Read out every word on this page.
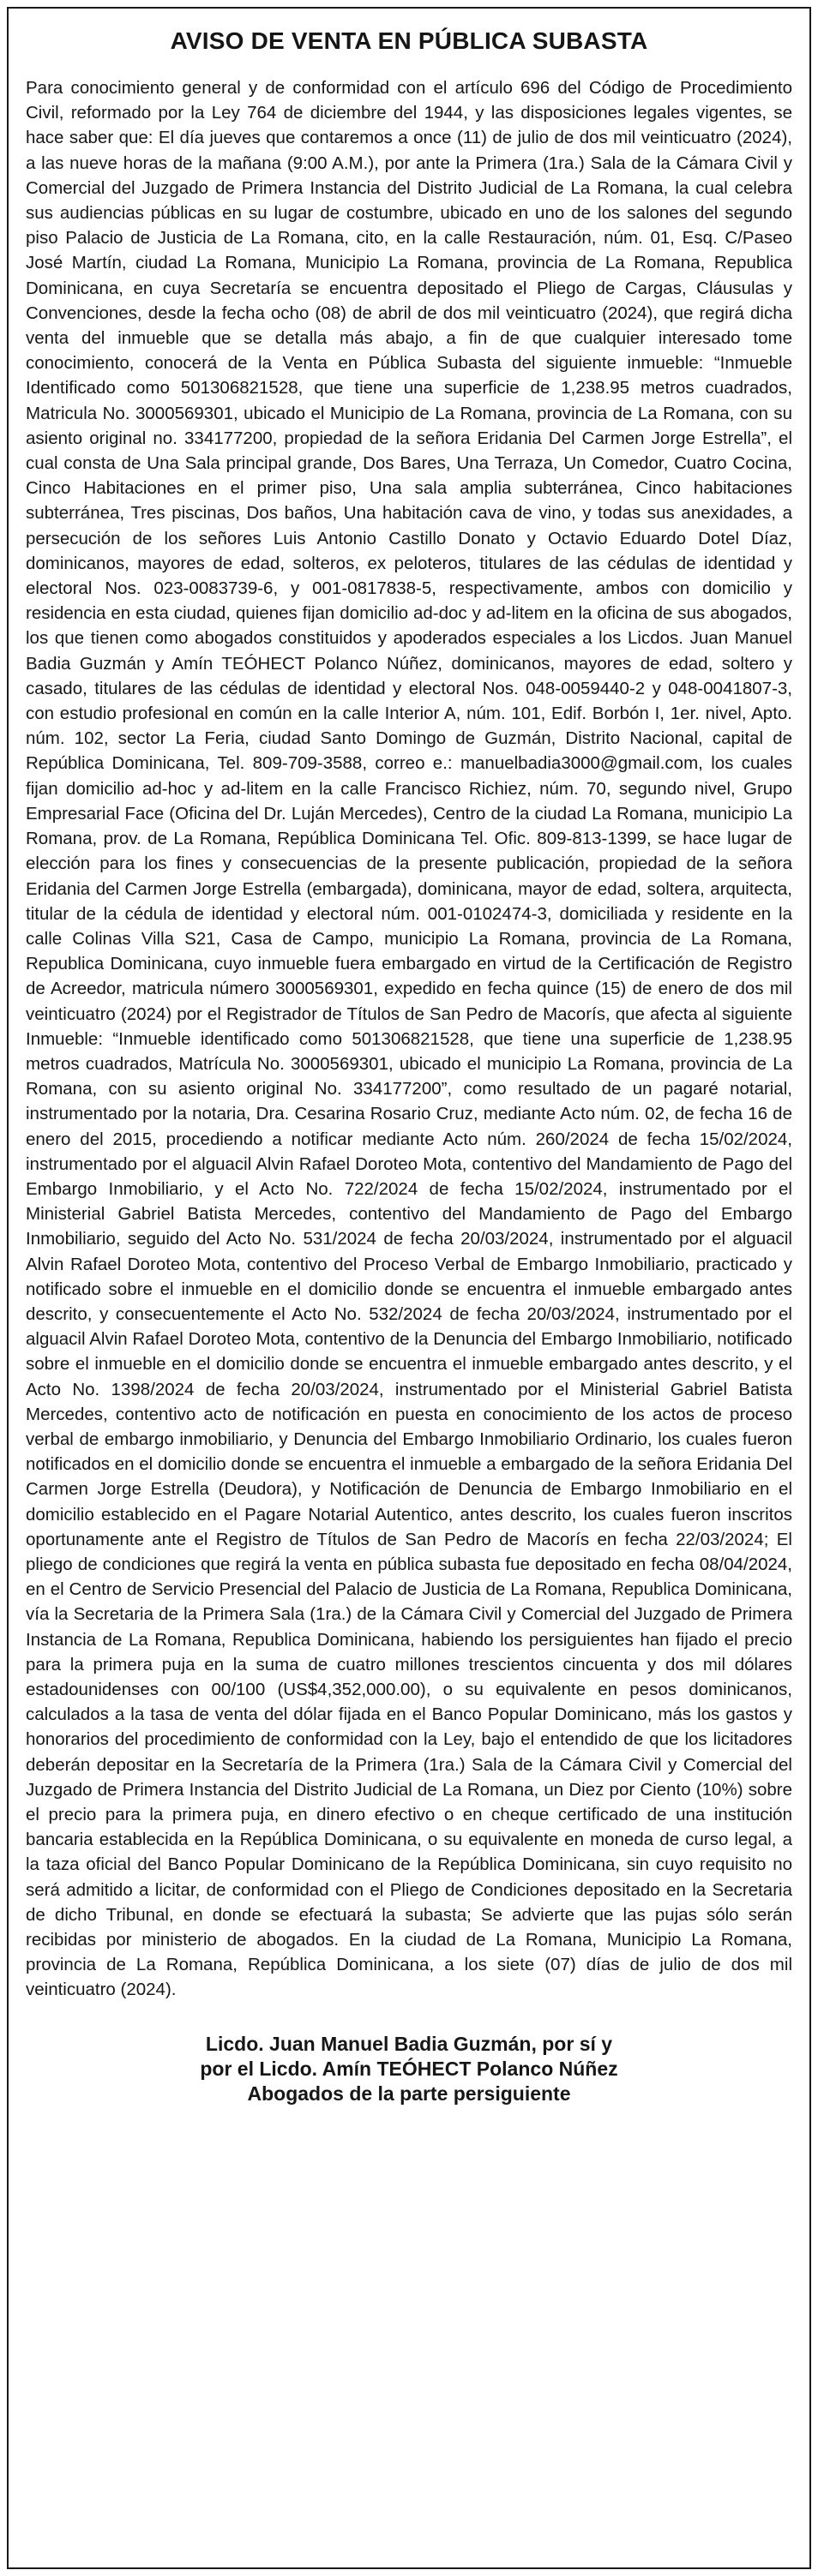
AVISO DE VENTA EN PÚBLICA SUBASTA

Para conocimiento general y de conformidad con el artículo 696 del Código de Procedimiento Civil, reformado por la Ley 764 de diciembre del 1944, y las disposiciones legales vigentes, se hace saber que: El día jueves que contaremos a once (11) de julio de dos mil veinticuatro (2024), a las nueve horas de la mañana (9:00 A.M.), por ante la Primera (1ra.) Sala de la Cámara Civil y Comercial del Juzgado de Primera Instancia del Distrito Judicial de La Romana, la cual celebra sus audiencias públicas en su lugar de costumbre, ubicado en uno de los salones del segundo piso Palacio de Justicia de La Romana, cito, en la calle Restauración, núm. 01, Esq. C/Paseo José Martín, ciudad La Romana, Municipio La Romana, provincia de La Romana, Republica Dominicana, en cuya Secretaría se encuentra depositado el Pliego de Cargas, Cláusulas y Convenciones, desde la fecha ocho (08) de abril de dos mil veinticuatro (2024), que regirá dicha venta del inmueble que se detalla más abajo, a fin de que cualquier interesado tome conocimiento, conocerá de la Venta en Pública Subasta del siguiente inmueble: “Inmueble Identificado como 501306821528, que tiene una superficie de 1,238.95 metros cuadrados, Matricula No. 3000569301, ubicado el Municipio de La Romana, provincia de La Romana, con su asiento original no. 334177200, propiedad de la señora Eridania Del Carmen Jorge Estrella”, el cual consta de Una Sala principal grande, Dos Bares, Una Terraza, Un Comedor, Cuatro Cocina, Cinco Habitaciones en el primer piso, Una sala amplia subterránea, Cinco habitaciones subterránea, Tres piscinas, Dos baños, Una habitación cava de vino, y todas sus anexidades, a persecución de los señores Luis Antonio Castillo Donato y Octavio Eduardo Dotel Díaz, dominicanos, mayores de edad, solteros, ex peloteros, titulares de las cédulas de identidad y electoral Nos. 023-0083739-6, y 001-0817838-5, respectivamente, ambos con domicilio y residencia en esta ciudad, quienes fijan domicilio ad-doc y ad-litem en la oficina de sus abogados, los que tienen como abogados constituidos y apoderados especiales a los Licdos. Juan Manuel Badia Guzmán y Amín TEÓHECT Polanco Núñez, dominicanos, mayores de edad, soltero y casado, titulares de las cédulas de identidad y electoral Nos. 048-0059440-2 y 048-0041807-3, con estudio profesional en común en la calle Interior A, núm. 101, Edif. Borbón I, 1er. nivel, Apto. núm. 102, sector La Feria, ciudad Santo Domingo de Guzmán, Distrito Nacional, capital de República Dominicana, Tel. 809-709-3588, correo e.: manuelbadia3000@gmail.com, los cuales fijan domicilio ad-hoc y ad-litem en la calle Francisco Richiez, núm. 70, segundo nivel, Grupo Empresarial Face (Oficina del Dr. Luján Mercedes), Centro de la ciudad La Romana, municipio La Romana, prov. de La Romana, República Dominicana Tel. Ofic. 809-813-1399, se hace lugar de elección para los fines y consecuencias de la presente publicación, propiedad de la señora Eridania del Carmen Jorge Estrella (embargada), dominicana, mayor de edad, soltera, arquitecta, titular de la cédula de identidad y electoral núm. 001-0102474-3, domiciliada y residente en la calle Colinas Villa S21, Casa de Campo, municipio La Romana, provincia de La Romana, Republica Dominicana, cuyo inmueble fuera embargado en virtud de la Certificación de Registro de Acreedor, matricula número 3000569301, expedido en fecha quince (15) de enero de dos mil veinticuatro (2024) por el Registrador de Títulos de San Pedro de Macorís, que afecta al siguiente Inmueble: “Inmueble identificado como 501306821528, que tiene una superficie de 1,238.95 metros cuadrados, Matrícula No. 3000569301, ubicado el municipio La Romana, provincia de La Romana, con su asiento original No. 334177200”, como resultado de un pagaré notarial, instrumentado por la notaria, Dra. Cesarina Rosario Cruz, mediante Acto núm. 02, de fecha 16 de enero del 2015, procediendo a notificar mediante Acto núm. 260/2024 de fecha 15/02/2024, instrumentado por el alguacil Alvin Rafael Doroteo Mota, contentivo del Mandamiento de Pago del Embargo Inmobiliario, y el Acto No. 722/2024 de fecha 15/02/2024, instrumentado por el Ministerial Gabriel Batista Mercedes, contentivo del Mandamiento de Pago del Embargo Inmobiliario, seguido del Acto No. 531/2024 de fecha 20/03/2024, instrumentado por el alguacil Alvin Rafael Doroteo Mota, contentivo del Proceso Verbal de Embargo Inmobiliario, practicado y notificado sobre el inmueble en el domicilio donde se encuentra el inmueble embargado antes descrito, y consecuentemente el Acto No. 532/2024 de fecha 20/03/2024, instrumentado por el alguacil Alvin Rafael Doroteo Mota, contentivo de la Denuncia del Embargo Inmobiliario, notificado sobre el inmueble en el domicilio donde se encuentra el inmueble embargado antes descrito, y el Acto No. 1398/2024 de fecha 20/03/2024, instrumentado por el Ministerial Gabriel Batista Mercedes, contentivo acto de notificación en puesta en conocimiento de los actos de proceso verbal de embargo inmobiliario, y Denuncia del Embargo Inmobiliario Ordinario, los cuales fueron notificados en el domicilio donde se encuentra el inmueble a embargado de la señora Eridania Del Carmen Jorge Estrella (Deudora), y Notificación de Denuncia de Embargo Inmobiliario en el domicilio establecido en el Pagare Notarial Autentico, antes descrito, los cuales fueron inscritos oportunamente ante el Registro de Títulos de San Pedro de Macorís en fecha 22/03/2024; El pliego de condiciones que regirá la venta en pública subasta fue depositado en fecha 08/04/2024, en el Centro de Servicio Presencial del Palacio de Justicia de La Romana, Republica Dominicana, vía la Secretaria de la Primera Sala (1ra.) de la Cámara Civil y Comercial del Juzgado de Primera Instancia de La Romana, Republica Dominicana, habiendo los persiguientes han fijado el precio para la primera puja en la suma de cuatro millones trescientos cincuenta y dos mil dólares estadounidenses con 00/100 (US$4,352,000.00), o su equivalente en pesos dominicanos, calculados a la tasa de venta del dólar fijada en el Banco Popular Dominicano, más los gastos y honorarios del procedimiento de conformidad con la Ley, bajo el entendido de que los licitadores deberán depositar en la Secretaría de la Primera (1ra.) Sala de la Cámara Civil y Comercial del Juzgado de Primera Instancia del Distrito Judicial de La Romana, un Diez por Ciento (10%) sobre el precio para la primera puja, en dinero efectivo o en cheque certificado de una institución bancaria establecida en la República Dominicana, o su equivalente en moneda de curso legal, a la taza oficial del Banco Popular Dominicano de la República Dominicana, sin cuyo requisito no será admitido a licitar, de conformidad con el Pliego de Condiciones depositado en la Secretaria de dicho Tribunal, en donde se efectuará la subasta; Se advierte que las pujas sólo serán recibidas por ministerio de abogados. En la ciudad de La Romana, Municipio La Romana, provincia de La Romana, República Dominicana, a los siete (07) días de julio de dos mil veinticuatro (2024).

Licdo. Juan Manuel Badia Guzmán, por sí y
por el Licdo. Amín TEÓHECT Polanco Núñez
Abogados de la parte persiguiente
